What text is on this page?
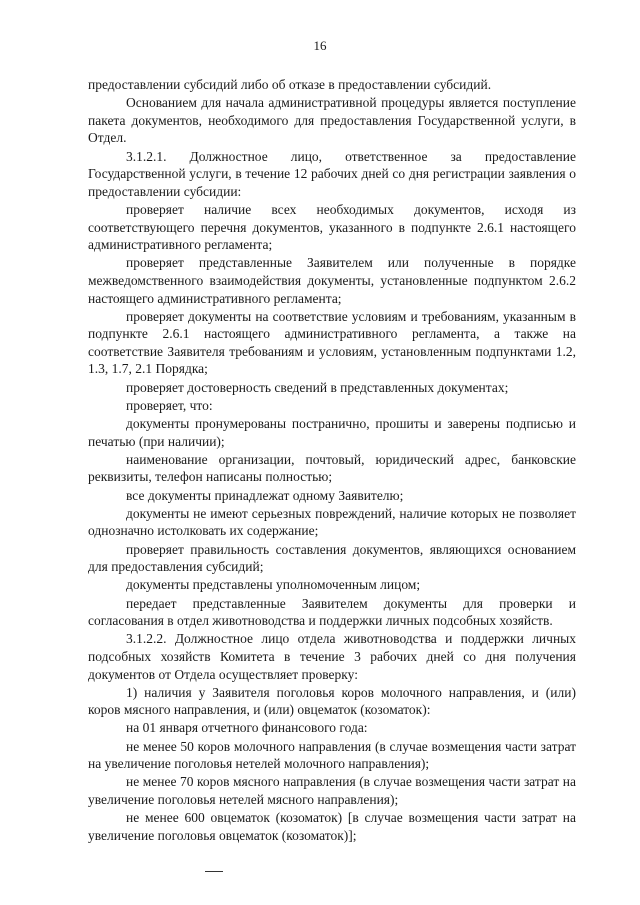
16

предоставлении субсидий либо об отказе в предоставлении субсидий.

Основанием для начала административной процедуры является поступление пакета документов, необходимого для предоставления Государственной услуги, в Отдел.

3.1.2.1. Должностное лицо, ответственное за предоставление Государственной услуги, в течение 12 рабочих дней со дня регистрации заявления о предоставлении субсидии:

проверяет наличие всех необходимых документов, исходя из соответствующего перечня документов, указанного в подпункте 2.6.1 настоящего административного регламента;

проверяет представленные Заявителем или полученные в порядке межведомственного взаимодействия документы, установленные подпунктом 2.6.2 настоящего административного регламента;

проверяет документы на соответствие условиям и требованиям, указанным в подпункте 2.6.1 настоящего административного регламента, а также на соответствие Заявителя требованиям и условиям, установленным подпунктами 1.2, 1.3, 1.7, 2.1 Порядка;

проверяет достоверность сведений в представленных документах;

проверяет, что:

документы пронумерованы постранично, прошиты и заверены подписью и печатью (при наличии);

наименование организации, почтовый, юридический адрес, банковские реквизиты, телефон написаны полностью;

все документы принадлежат одному Заявителю;

документы не имеют серьезных повреждений, наличие которых не позволяет однозначно истолковать их содержание;

проверяет правильность составления документов, являющихся основанием для предоставления субсидий;

документы представлены уполномоченным лицом;

передает представленные Заявителем документы для проверки и согласования в отдел животноводства и поддержки личных подсобных хозяйств.

3.1.2.2. Должностное лицо отдела животноводства и поддержки личных подсобных хозяйств Комитета в течение 3 рабочих дней со дня получения документов от Отдела осуществляет проверку:

1) наличия у Заявителя поголовья коров молочного направления, и (или) коров мясного направления, и (или) овцематок (козоматок):

на 01 января отчетного финансового года:

не менее 50 коров молочного направления (в случае возмещения части затрат на увеличение поголовья нетелей молочного направления);

не менее 70 коров мясного направления (в случае возмещения части затрат на увеличение поголовья нетелей мясного направления);

не менее 600 овцематок (козоматок) [в случае возмещения части затрат на увеличение поголовья овцематок (козоматок)];
